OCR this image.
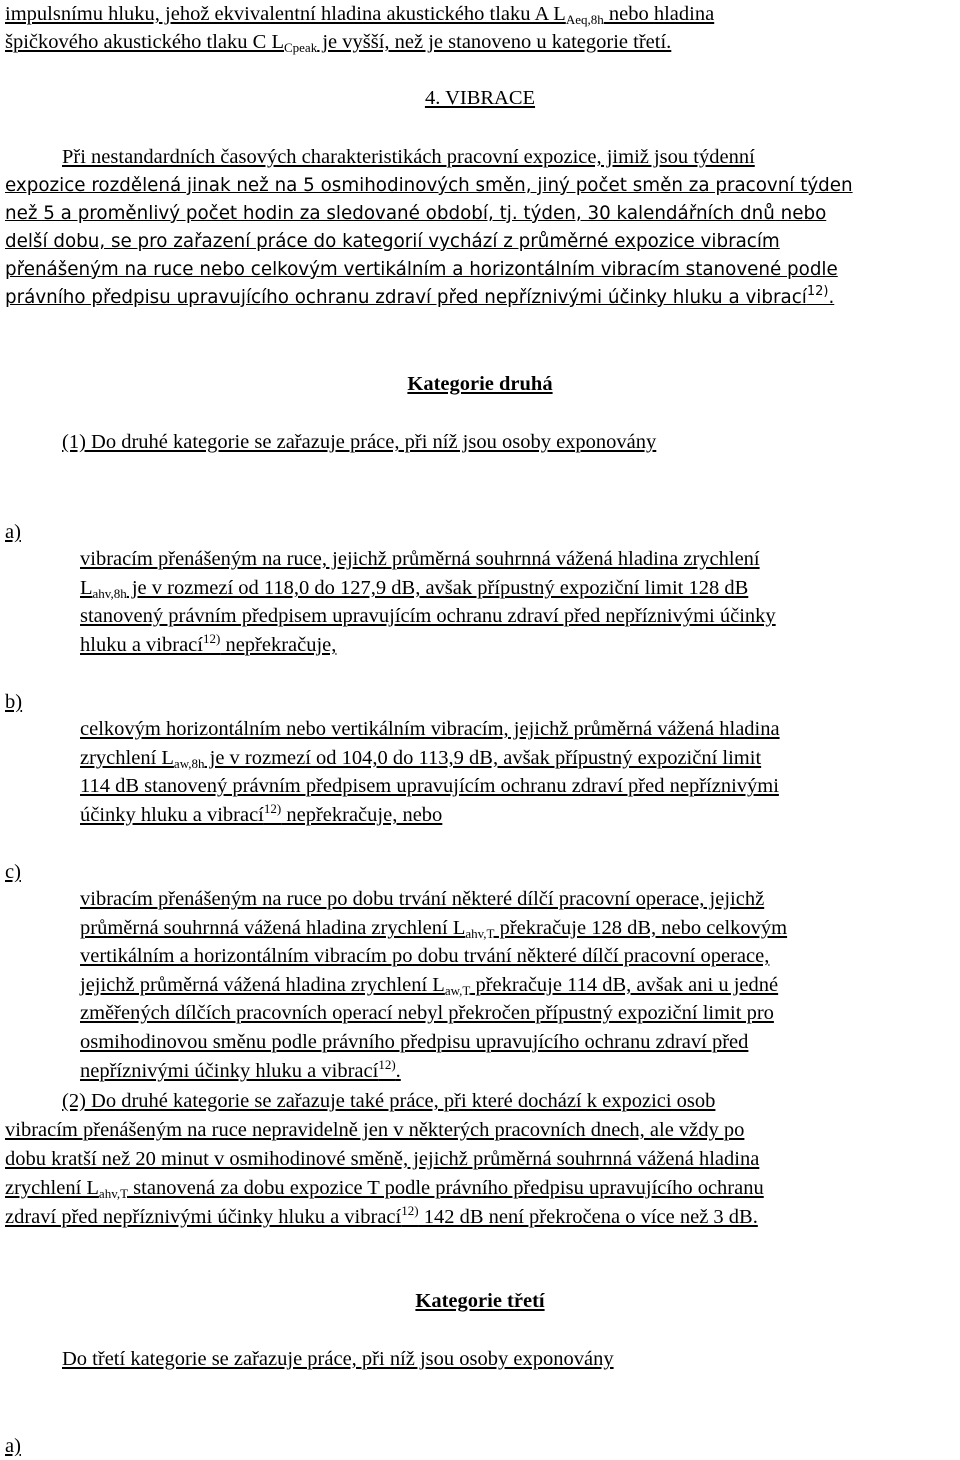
impulsnímu hluku, jehož ekvivalentní hladina akustického tlaku A $L_{Aeq,8h}$ nebo hladina
špičkového akustického tlaku C $L_{Cpeak}$ je vyšší, než je stanoveno u kategorie třetí.
4. VIBRACE
Při nestandardních časových charakteristikách pracovní expozice, jimiž jsou týdenní
expozice rozdělená jinak než na 5 osmihodinových směn, jiný počet směn za pracovní týden
než 5 a proměnlivý počet hodin za sledované období, tj. týden, 30 kalendářních dnů nebo
delší dobu, se pro zařazení práce do kategorií vychází z průměrné expozice vibracím
přenášeným na ruce nebo celkovým vertikálním a horizontálním vibracím stanovené podle
právního předpisu upravujícího ochranu zdraví před nepříznivými účinky hluku a vibrací$^{12)}$.
Kategorie druhá
(1) Do druhé kategorie se zařazuje práce, při níž jsou osoby exponovány
a)
vibracím přenášeným na ruce, jejichž průměrná souhrnná vážená hladina zrychlení
$L_{ahv,8h}$ je v rozmezí od 118,0 do 127,9 dB, avšak přípustný expoziční limit 128 dB
stanovený právním předpisem upravujícím ochranu zdraví před nepříznivými účinky
hluku a vibrací$^{12)}$ nepřekračuje,
b)
celkovým horizontálním nebo vertikálním vibracím, jejichž průměrná vážená hladina
zrychlení $L_{aw,8h}$ je v rozmezí od 104,0 do 113,9 dB, avšak přípustný expoziční limit
114 dB stanovený právním předpisem upravujícím ochranu zdraví před nepříznivými
účinky hluku a vibrací$^{12)}$ nepřekračuje, nebo
c)
vibracím přenášeným na ruce po dobu trvání některé dílčí pracovní operace, jejichž
průměrná souhrnná vážená hladina zrychlení $L_{ahv,T}$ překračuje 128 dB, nebo celkovým
vertikálním a horizontálním vibracím po dobu trvání některé dílčí pracovní operace,
jejichž průměrná vážená hladina zrychlení $L_{aw,T}$ překračuje 114 dB, avšak ani u jedné
změřených dílčích pracovních operací nebyl překročen přípustný expoziční limit pro
osmihodinovou směnu podle právního předpisu upravujícího ochranu zdraví před
nepříznivými účinky hluku a vibrací$^{12)}$.
(2) Do druhé kategorie se zařazuje také práce, při které dochází k expozici osob
vibracím přenášeným na ruce nepravidelně jen v některých pracovních dnech, ale vždy po
dobu kratší než 20 minut v osmihodinové směně, jejichž průměrná souhrnná vážená hladina
zrychlení $L_{ahv,T}$ stanovená za dobu expozice T podle právního předpisu upravujícího ochranu
zdraví před nepříznivými účinky hluku a vibrací$^{12)}$ 142 dB není překročena o více než 3 dB.
Kategorie třetí
Do třetí kategorie se zařazuje práce, při níž jsou osoby exponovány
a)
